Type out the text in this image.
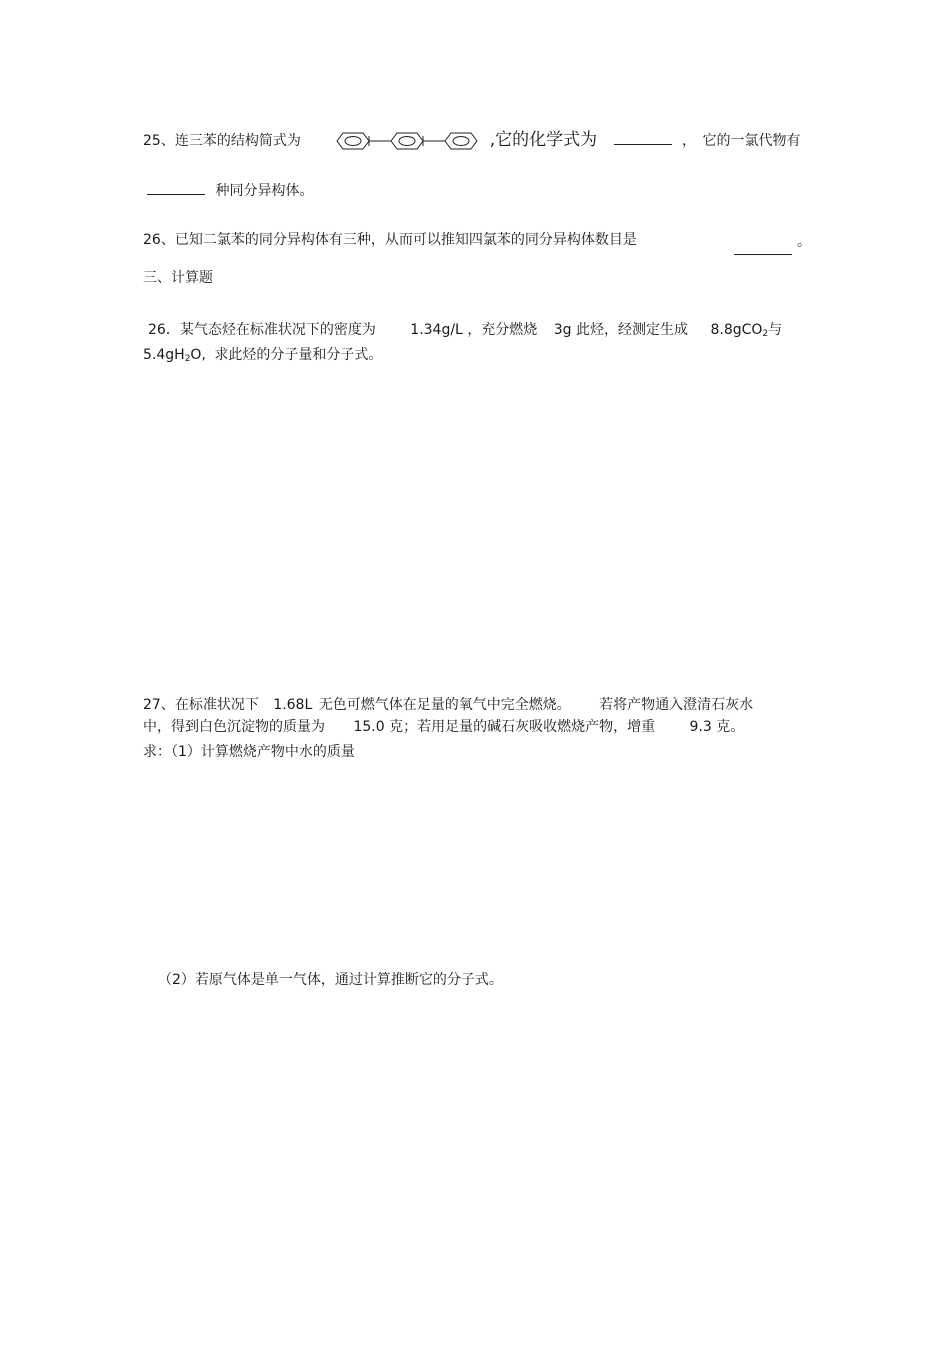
25、连三苯的结构简式为	,它的化学式为	， 它的一氯代物有
种同分异构体。
26、已知二氯苯的同分异构体有三种，从而可以推知四氯苯的同分异构体数目是	。
三、计算题
26．某气态烃在标准状况下的密度为 1.34g/L ，充分燃烧 3g 此烃，经测定生成 8.8gCO$_2$与
$5.4gH_2O$, 求此烃的分子量和分子式。
27、在标准状况下 1.68L 无色可燃气体在足量的氧气中完全燃烧。 若将产物通入澄清石灰水
中，得到白色沉淀物的质量为 15.0 克；若用足量的碱石灰吸收燃烧产物，增重 9.3 克。
求：（1）计算燃烧产物中水的质量
（2）若原气体是单一气体，通过计算推断它的分子式。
